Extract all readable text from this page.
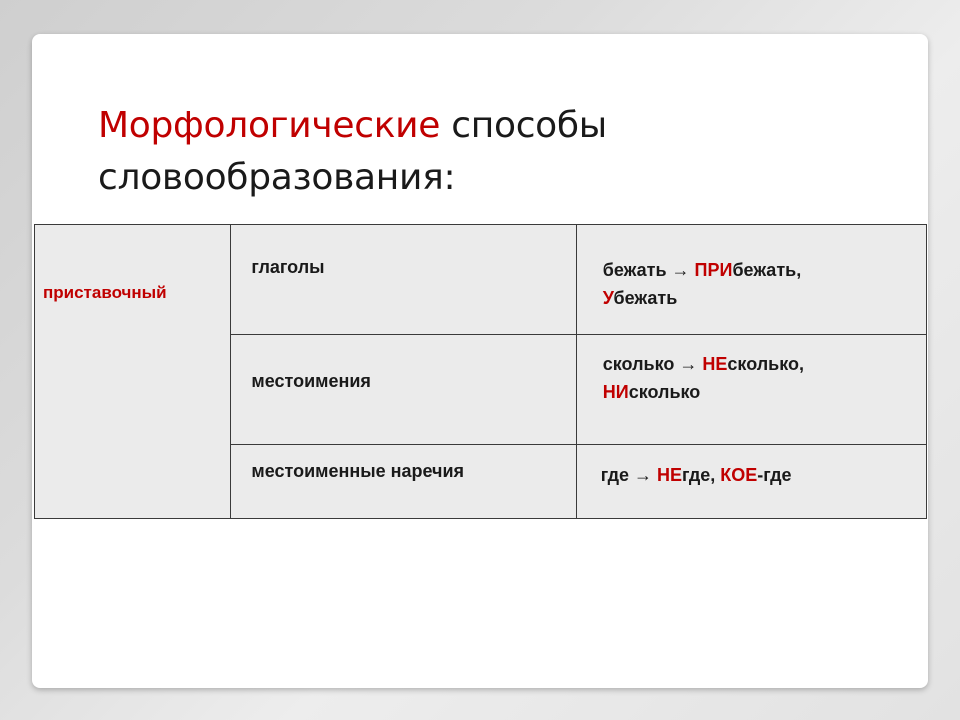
Морфологические способы
словообразования:
приставочный	глаголы	бежать → ПРИбежать,
Убежать
	местоимения	сколько → НЕсколько,
НИсколько
	местоименные наречия	где → НЕгде, КОЕ-где
